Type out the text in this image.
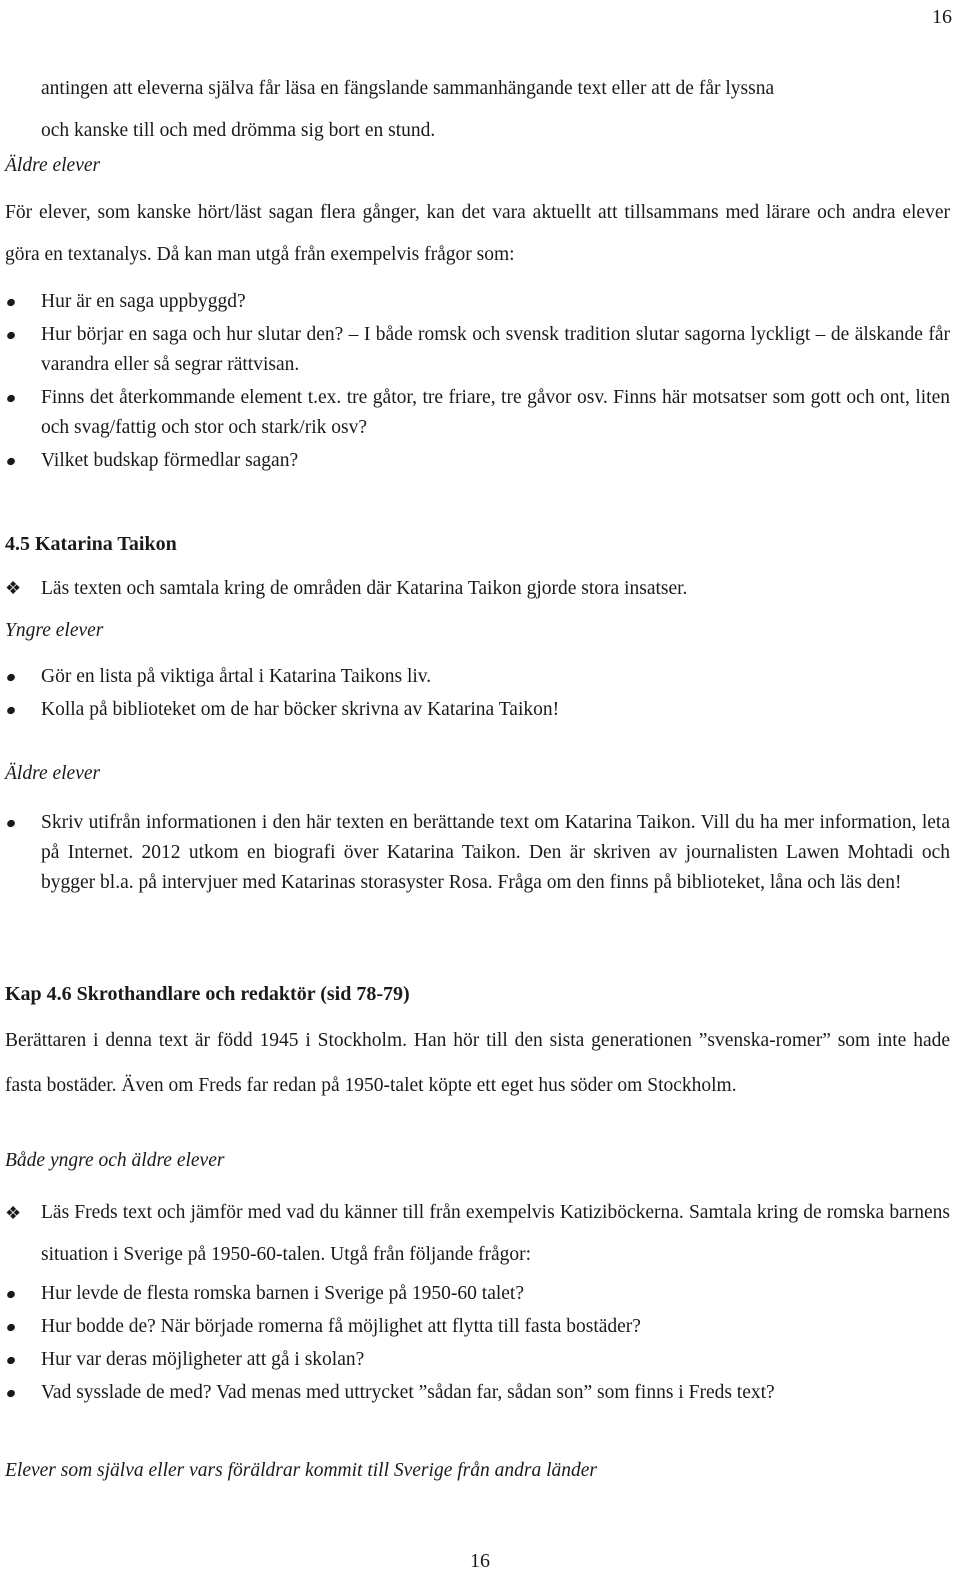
16
antingen att eleverna själva får läsa en fängslande sammanhängande text eller att de får lyssna
och kanske till och med drömma sig bort en stund.
Äldre elever
För elever, som kanske hört/läst sagan flera gånger, kan det vara aktuellt att tillsammans med lärare och andra elever göra en textanalys. Då kan man utgå från exempelvis frågor som:
Hur är en saga uppbyggd?
Hur börjar en saga och hur slutar den? – I både romsk och svensk tradition slutar sagorna lyckligt – de älskande får varandra eller så segrar rättvisan.
Finns det återkommande element t.ex. tre gåtor, tre friare, tre gåvor osv. Finns här motsatser som gott och ont, liten och svag/fattig och stor och stark/rik osv?
Vilket budskap förmedlar sagan?
4.5 Katarina Taikon
❖ Läs texten och samtala kring de områden där Katarina Taikon gjorde stora insatser.
Yngre elever
Gör en lista på viktiga årtal i Katarina Taikons liv.
Kolla på biblioteket om de har böcker skrivna av Katarina Taikon!
Äldre elever
Skriv utifrån informationen i den här texten en berättande text om Katarina Taikon. Vill du ha mer information, leta på Internet. 2012 utkom en biografi över Katarina Taikon. Den är skriven av journalisten Lawen Mohtadi och bygger bl.a. på intervjuer med Katarinas storasyster Rosa. Fråga om den finns på biblioteket, låna och läs den!
Kap 4.6 Skrothandlare och redaktör (sid 78-79)
Berättaren i denna text är född 1945 i Stockholm. Han hör till den sista generationen ”svenska-romer” som inte hade fasta bostäder. Även om Freds far redan på 1950-talet köpte ett eget hus söder om Stockholm.
Både yngre och äldre elever
❖ Läs Freds text och jämför med vad du känner till från exempelvis Katiziböckerna. Samtala kring de romska barnens situation i Sverige på 1950-60-talen. Utgå från följande frågor:
Hur levde de flesta romska barnen i Sverige på 1950-60 talet?
Hur bodde de? När började romerna få möjlighet att flytta till fasta bostäder?
Hur var deras möjligheter att gå i skolan?
Vad sysslade de med? Vad menas med uttrycket ”sådan far, sådan son” som finns i Freds text?
Elever som själva eller vars föräldrar kommit till Sverige från andra länder
16
